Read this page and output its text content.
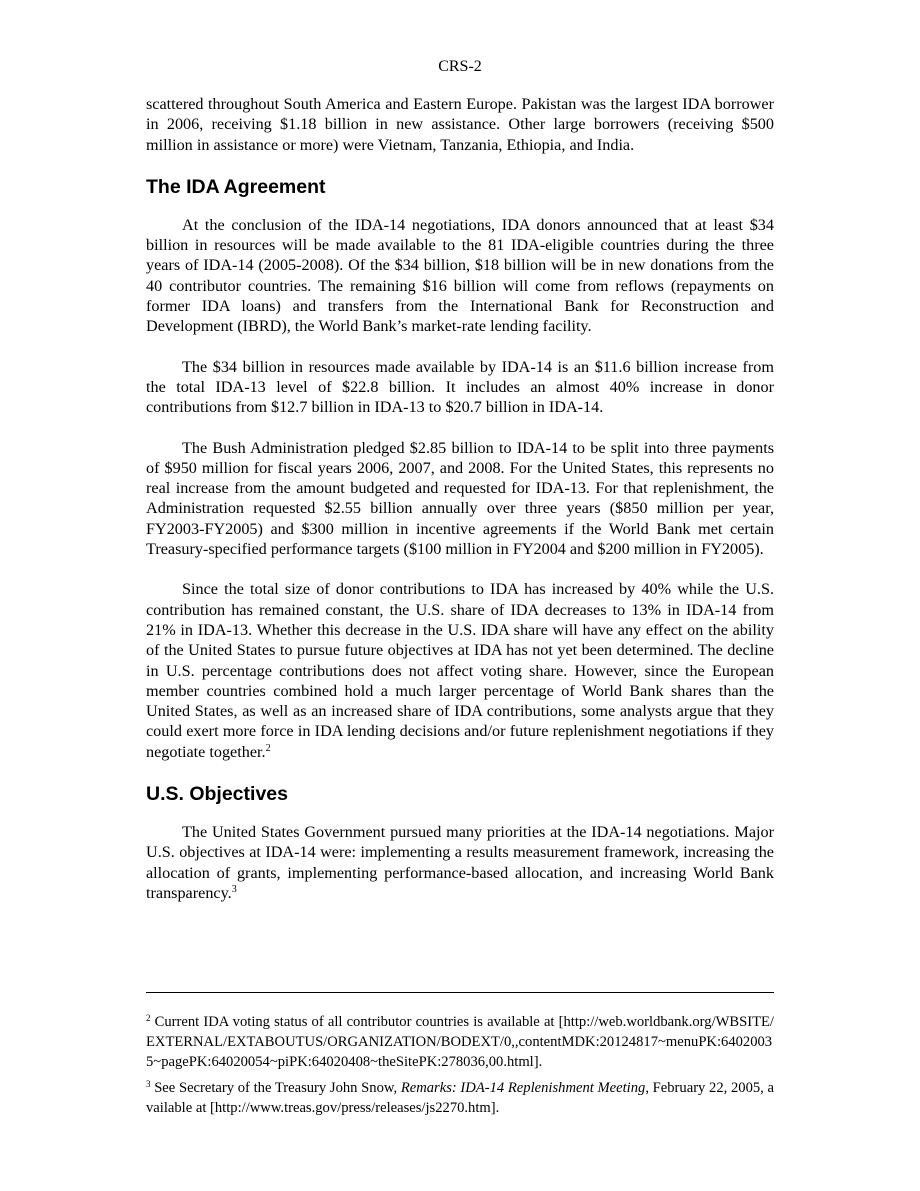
CRS-2

scattered throughout South America and Eastern Europe. Pakistan was the largest IDA borrower in 2006, receiving $1.18 billion in new assistance. Other large borrowers (receiving $500 million in assistance or more) were Vietnam, Tanzania, Ethiopia, and India.

The IDA Agreement

At the conclusion of the IDA-14 negotiations, IDA donors announced that at least $34 billion in resources will be made available to the 81 IDA-eligible countries during the three years of IDA-14 (2005-2008). Of the $34 billion, $18 billion will be in new donations from the 40 contributor countries. The remaining $16 billion will come from reflows (repayments on former IDA loans) and transfers from the International Bank for Reconstruction and Development (IBRD), the World Bank’s market-rate lending facility.

The $34 billion in resources made available by IDA-14 is an $11.6 billion increase from the total IDA-13 level of $22.8 billion. It includes an almost 40% increase in donor contributions from $12.7 billion in IDA-13 to $20.7 billion in IDA-14.

The Bush Administration pledged $2.85 billion to IDA-14 to be split into three payments of $950 million for fiscal years 2006, 2007, and 2008. For the United States, this represents no real increase from the amount budgeted and requested for IDA-13. For that replenishment, the Administration requested $2.55 billion annually over three years ($850 million per year, FY2003-FY2005) and $300 million in incentive agreements if the World Bank met certain Treasury-specified performance targets ($100 million in FY2004 and $200 million in FY2005).

Since the total size of donor contributions to IDA has increased by 40% while the U.S. contribution has remained constant, the U.S. share of IDA decreases to 13% in IDA-14 from 21% in IDA-13. Whether this decrease in the U.S. IDA share will have any effect on the ability of the United States to pursue future objectives at IDA has not yet been determined. The decline in U.S. percentage contributions does not affect voting share. However, since the European member countries combined hold a much larger percentage of World Bank shares than the United States, as well as an increased share of IDA contributions, some analysts argue that they could exert more force in IDA lending decisions and/or future replenishment negotiations if they negotiate together.$^2$

U.S. Objectives

The United States Government pursued many priorities at the IDA-14 negotiations. Major U.S. objectives at IDA-14 were: implementing a results measurement framework, increasing the allocation of grants, implementing performance-based allocation, and increasing World Bank transparency.$^3$

$^2$ Current IDA voting status of all contributor countries is available at [http://web.worldbank.org/WBSITE/EXTERNAL/EXTABOUTUS/ORGANIZATION/BODEXT/0,,contentMDK:20124817~menuPK:64020035~pagePK:64020054~piPK:64020408~theSitePK:278036,00.html].
$^3$ See Secretary of the Treasury John Snow, Remarks: IDA-14 Replenishment Meeting, February 22, 2005, available at [http://www.treas.gov/press/releases/js2270.htm].
